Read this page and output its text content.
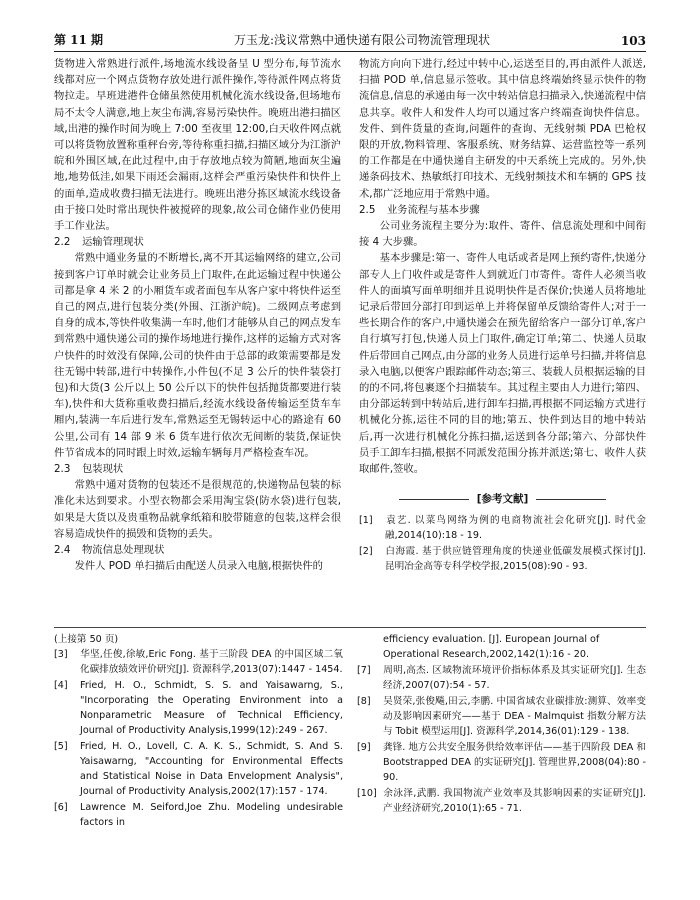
第 11 期	万玉龙:浅议常熟中通快递有限公司物流管理现状	103

货物进入常熟进行派件,场地流水线设备呈 U 型分布,每节流水线都对应一个网点货物存放处进行派件操作,等待派件网点将货物拉走。早班进港件仓储虽然使用机械化流水线设备,但场地布局不太令人满意,地上灰尘布满,容易污染快件。晚班出港扫描区域,出港的操作时间为晚上 7:00 至夜里 12:00,白天收件网点就可以将货物放置称重秤台旁,等待称重扫描,扫描区域分为江浙沪皖和外围区域,在此过程中,由于存放地点较为简陋,地面灰尘遍地,地势低洼,如果下雨还会漏雨,这样会严重污染快件和快件上的面单,造成收费扫描无法进行。晚班出港分拣区域流水线设备由于接口处时常出现快件被搅碎的现象,故公司仓储作业仍使用手工作业法。

2.2 运输管理现状

常熟中通业务量的不断增长,离不开其运输网络的建立,公司接到客户订单时就会让业务员上门取件,在此运输过程中快递公司都是拿 4 米 2 的小厢货车或者面包车从客户家中将快件运至自己的网点,进行包装分类(外围、江浙沪皖)。二级网点考虑到自身的成本,等快件收集满一车时,他们才能够从自己的网点发车到常熟中通快递公司的操作场地进行操作,这样的运输方式对客户快件的时效没有保障,公司的快件由于总部的政策需要都是发往无锡中转部,进行中转操作,小件包(不足 3 公斤的快件装袋打包)和大货(3 公斤以上 50 公斤以下的快件包括抛货都要进行装车),快件和大货称重收费扫描后,经流水线设备传输运至货车车厢内,装满一车后进行发车,常熟运至无锡转运中心的路途有 60 公里,公司有 14 部 9 米 6 货车进行依次无间断的装货,保证快件节省成本的同时跟上时效,运输车辆每月严格检查车况。

2.3 包装现状

常熟中通对货物的包装还不是很规范的,快递物品包装的标准化未达到要求。小型衣物都会采用淘宝袋(防水袋)进行包装,如果是大货以及贵重物品就拿纸箱和胶带随意的包装,这样会很容易造成快件的损毁和货物的丢失。

2.4 物流信息处理现状

发件人 POD 单扫描后由配送人员录入电脑,根据快件的

物流方向向下进行,经过中转中心,运送至目的,再由派件人派送,扫描 POD 单,信息显示签收。其中信息终端始终显示快件的物流信息,信息的承递由每一次中转站信息扫描录入,快递流程中信息共享。收件人和发件人均可以通过客户终端查询快件信息。发件、到件货量的查询,问题件的查询、无线射频 PDA 巴枪权限的开放,物料管理、客服系统、财务结算、运营监控等一系列的工作都是在中通快递自主研发的中天系统上完成的。另外,快递条码技术、热敏纸打印技术、无线射频技术和车辆的 GPS 技术,都广泛地应用于常熟中通。

2.5 业务流程与基本步骤

公司业务流程主要分为:取件、寄件、信息流处理和中间衔接 4 大步骤。

基本步骤是:第一、寄件人电话或者是网上预约寄件,快递分部专人上门收件或是寄件人到就近门市寄件。寄件人必须当收件人的面填写面单明细并且说明快件是否保价;快递人员将地址记录后带回分部打印到运单上并将保留单反馈给寄件人;对于一些长期合作的客户,中通快递会在预先留给客户一部分订单,客户自行填写打包,快递人员上门取件,确定订单;第二、快递人员取件后带回自己网点,由分部的业务人员进行运单号扫描,并将信息录入电脑,以便客户跟踪邮件动态;第三、装载人员根据运输的目的的不同,将包裹逐个扫描装车。其过程主要由人力进行;第四、由分部运转到中转站后,进行卸车扫描,再根据不同运输方式进行机械化分拣,运往不同的目的地;第五、快件到达目的地中转站后,再一次进行机械化分拣扫描,运送到各分部;第六、分部快件员手工卸车扫描,根据不同派发范围分拣并派送;第七、收件人获取邮件,签收。

[参考文献]
[1] 袁艺. 以菜鸟网络为例的电商物流社会化研究[J]. 时代金融,2014(10):18 - 19.
[2] 白海霞. 基于供应链管理角度的快递业低碳发展模式探讨[J]. 昆明冶金高等专科学校学报,2015(08):90 - 93.

(上接第 50 页)

[3] 华坚,任俊,徐敏,Eric Fong. 基于三阶段 DEA 的中国区域二氧化碳排放绩效评价研究[J]. 资源科学,2013(07):1447 - 1454.
[4] Fried, H. O., Schmidt, S. S. and Yaisawarng, S., "Incorporating the Operating Environment into a Nonparametric Measure of Technical Efficiency, Journal of Productivity Analysis,1999(12):249 - 267.
[5] Fried, H. O., Lovell, C. A. K. S., Schmidt, S. And S. Yaisawarng, "Accounting for Environmental Effects and Statistical Noise in Data Envelopment Analysis", Journal of Productivity Analysis,2002(17):157 - 174.
[6] Lawrence M. Seiford,Joe Zhu. Modeling undesirable factors in

efficiency evaluation. [J]. European Journal of Operational Research,2002,142(1):16 - 20.

[7] 周明,高杰. 区域物流环境评价指标体系及其实证研究[J]. 生态经济,2007(07):54 - 57.
[8] 吴贤荣,张俊飚,田云,李鹏. 中国省域农业碳排放:测算、效率变动及影响因素研究——基于 DEA - Malmquist 指数分解方法与 Tobit 模型运用[J]. 资源科学,2014,36(01):129 - 138.
[9] 龚锋. 地方公共安全服务供给效率评估——基于四阶段 DEA 和 Bootstrapped DEA 的实证研究[J]. 管理世界,2008(04):80 - 90.
[10] 余泳泽,武鹏. 我国物流产业效率及其影响因素的实证研究[J]. 产业经济研究,2010(1):65 - 71.
